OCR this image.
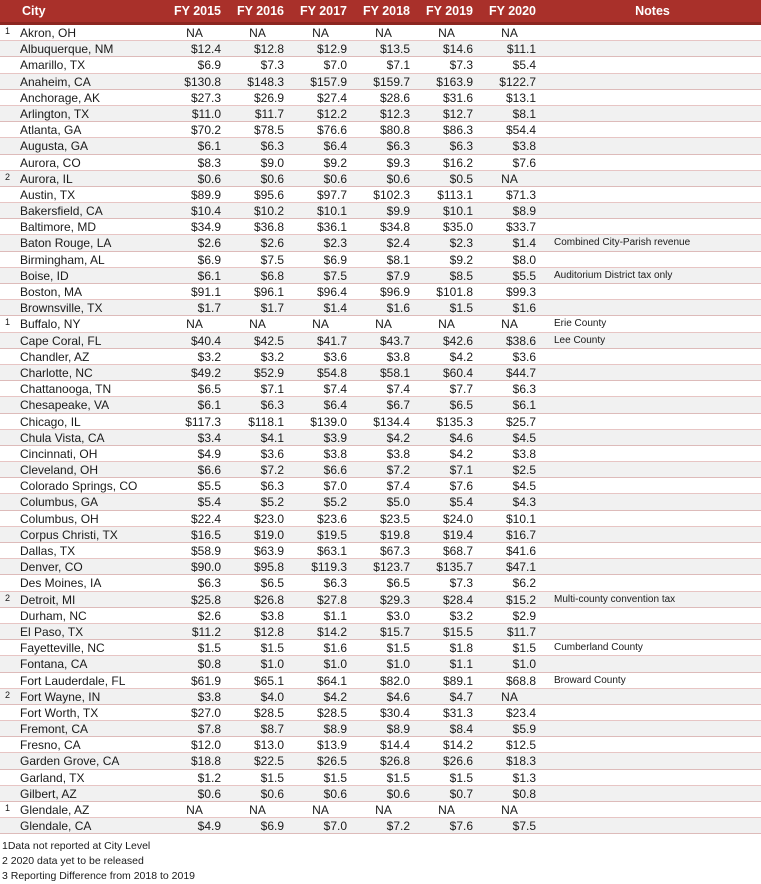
City	FY 2015	FY 2016	FY 2017	FY 2018	FY 2019	FY 2020	Notes
1 Akron, OH	NA	NA	NA	NA	NA	NA
Albuquerque, NM	$12.4	$12.8	$12.9	$13.5	$14.6	$11.1
Amarillo, TX	$6.9	$7.3	$7.0	$7.1	$7.3	$5.4
Anaheim, CA	$130.8	$148.3	$157.9	$159.7	$163.9	$122.7
Anchorage, AK	$27.3	$26.9	$27.4	$28.6	$31.6	$13.1
Arlington, TX	$11.0	$11.7	$12.2	$12.3	$12.7	$8.1
Atlanta, GA	$70.2	$78.5	$76.6	$80.8	$86.3	$54.4
Augusta, GA	$6.1	$6.3	$6.4	$6.3	$6.3	$3.8
Aurora, CO	$8.3	$9.0	$9.2	$9.3	$16.2	$7.6
2 Aurora, IL	$0.6	$0.6	$0.6	$0.6	$0.5	NA
Austin, TX	$89.9	$95.6	$97.7	$102.3	$113.1	$71.3
Bakersfield, CA	$10.4	$10.2	$10.1	$9.9	$10.1	$8.9
Baltimore, MD	$34.9	$36.8	$36.1	$34.8	$35.0	$33.7
Baton Rouge, LA	$2.6	$2.6	$2.3	$2.4	$2.3	$1.4	Combined City-Parish revenue
Birmingham, AL	$6.9	$7.5	$6.9	$8.1	$9.2	$8.0
Boise, ID	$6.1	$6.8	$7.5	$7.9	$8.5	$5.5	Auditorium District tax only
Boston, MA	$91.1	$96.1	$96.4	$96.9	$101.8	$99.3
Brownsville, TX	$1.7	$1.7	$1.4	$1.6	$1.5	$1.6
1 Buffalo, NY	NA	NA	NA	NA	NA	NA	Erie County
Cape Coral, FL	$40.4	$42.5	$41.7	$43.7	$42.6	$38.6	Lee County
Chandler, AZ	$3.2	$3.2	$3.6	$3.8	$4.2	$3.6
Charlotte, NC	$49.2	$52.9	$54.8	$58.1	$60.4	$44.7
Chattanooga, TN	$6.5	$7.1	$7.4	$7.4	$7.7	$6.3
Chesapeake, VA	$6.1	$6.3	$6.4	$6.7	$6.5	$6.1
Chicago, IL	$117.3	$118.1	$139.0	$134.4	$135.3	$25.7
Chula Vista, CA	$3.4	$4.1	$3.9	$4.2	$4.6	$4.5
Cincinnati, OH	$4.9	$3.6	$3.8	$3.8	$4.2	$3.8
Cleveland, OH	$6.6	$7.2	$6.6	$7.2	$7.1	$2.5
Colorado Springs, CO	$5.5	$6.3	$7.0	$7.4	$7.6	$4.5
Columbus, GA	$5.4	$5.2	$5.2	$5.0	$5.4	$4.3
Columbus, OH	$22.4	$23.0	$23.6	$23.5	$24.0	$10.1
Corpus Christi, TX	$16.5	$19.0	$19.5	$19.8	$19.4	$16.7
Dallas, TX	$58.9	$63.9	$63.1	$67.3	$68.7	$41.6
Denver, CO	$90.0	$95.8	$119.3	$123.7	$135.7	$47.1
Des Moines, IA	$6.3	$6.5	$6.3	$6.5	$7.3	$6.2
2 Detroit, MI	$25.8	$26.8	$27.8	$29.3	$28.4	$15.2	Multi-county convention tax
Durham, NC	$2.6	$3.8	$1.1	$3.0	$3.2	$2.9
El Paso, TX	$11.2	$12.8	$14.2	$15.7	$15.5	$11.7
Fayetteville, NC	$1.5	$1.5	$1.6	$1.5	$1.8	$1.5	Cumberland County
Fontana, CA	$0.8	$1.0	$1.0	$1.0	$1.1	$1.0
Fort Lauderdale, FL	$61.9	$65.1	$64.1	$82.0	$89.1	$68.8	Broward County
2 Fort Wayne, IN	$3.8	$4.0	$4.2	$4.6	$4.7	NA
Fort Worth, TX	$27.0	$28.5	$28.5	$30.4	$31.3	$23.4
Fremont, CA	$7.8	$8.7	$8.9	$8.9	$8.4	$5.9
Fresno, CA	$12.0	$13.0	$13.9	$14.4	$14.2	$12.5
Garden Grove, CA	$18.8	$22.5	$26.5	$26.8	$26.6	$18.3
Garland, TX	$1.2	$1.5	$1.5	$1.5	$1.5	$1.3
Gilbert, AZ	$0.6	$0.6	$0.6	$0.6	$0.7	$0.8
1 Glendale, AZ	NA	NA	NA	NA	NA	NA
Glendale, CA	$4.9	$6.9	$7.0	$7.2	$7.6	$7.5
1Data not reported at City Level
2 2020 data yet to be released
3 Reporting Difference from 2018 to 2019
